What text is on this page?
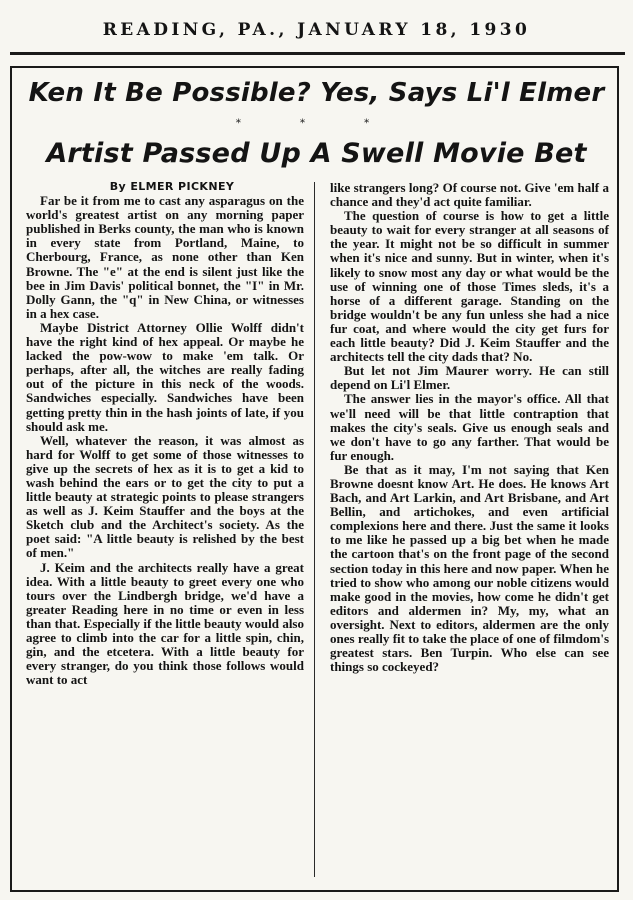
READING, PA., JANUARY 18, 1930
Ken It Be Possible? Yes, Says Li'l Elmer
* * *
Artist Passed Up A Swell Movie Bet

By ELMER PICKNEY

Far be it from me to cast any asparagus on the world's greatest artist on any morning paper published in Berks county, the man who is known in every state from Portland, Maine, to Cherbourg, France, as none other than Ken Browne. The "e" at the end is silent just like the bee in Jim Davis' political bonnet, the "I" in Mr. Dolly Gann, the "q" in New China, or witnesses in a hex case.

Maybe District Attorney Ollie Wolff didn't have the right kind of hex appeal. Or maybe he lacked the pow-wow to make 'em talk. Or perhaps, after all, the witches are really fading out of the picture in this neck of the woods. Sandwiches especially. Sandwiches have been getting pretty thin in the hash joints of late, if you should ask me.

Well, whatever the reason, it was almost as hard for Wolff to get some of those witnesses to give up the secrets of hex as it is to get a kid to wash behind the ears or to get the city to put a little beauty at strategic points to please strangers as well as J. Keim Stauffer and the boys at the Sketch club and the Architect's society. As the poet said: "A little beauty is relished by the best of men."

J. Keim and the architects really have a great idea. With a little beauty to greet every one who tours over the Lindbergh bridge, we'd have a greater Reading here in no time or even in less than that. Especially if the little beauty would also agree to climb into the car for a little spin, chin, gin, and the etcetera. With a little beauty for every stranger, do you think those follows would want to act

like strangers long? Of course not. Give 'em half a chance and they'd act quite familiar.

The question of course is how to get a little beauty to wait for every stranger at all seasons of the year. It might not be so difficult in summer when it's nice and sunny. But in winter, when it's likely to snow most any day or what would be the use of winning one of those Times sleds, it's a horse of a different garage. Standing on the bridge wouldn't be any fun unless she had a nice fur coat, and where would the city get furs for each little beauty? Did J. Keim Stauffer and the architects tell the city dads that? No.

But let not Jim Maurer worry. He can still depend on Li'l Elmer.

The answer lies in the mayor's office. All that we'll need will be that little contraption that makes the city's seals. Give us enough seals and we don't have to go any farther. That would be fur enough.

Be that as it may, I'm not saying that Ken Browne doesnt know Art. He does. He knows Art Bach, and Art Larkin, and Art Brisbane, and Art Bellin, and artichokes, and even artificial complexions here and there. Just the same it looks to me like he passed up a big bet when he made the cartoon that's on the front page of the second section today in this here and now paper. When he tried to show who among our noble citizens would make good in the movies, how come he didn't get editors and aldermen in? My, my, what an oversight. Next to editors, aldermen are the only ones really fit to take the place of one of filmdom's greatest stars. Ben Turpin. Who else can see things so cockeyed?
